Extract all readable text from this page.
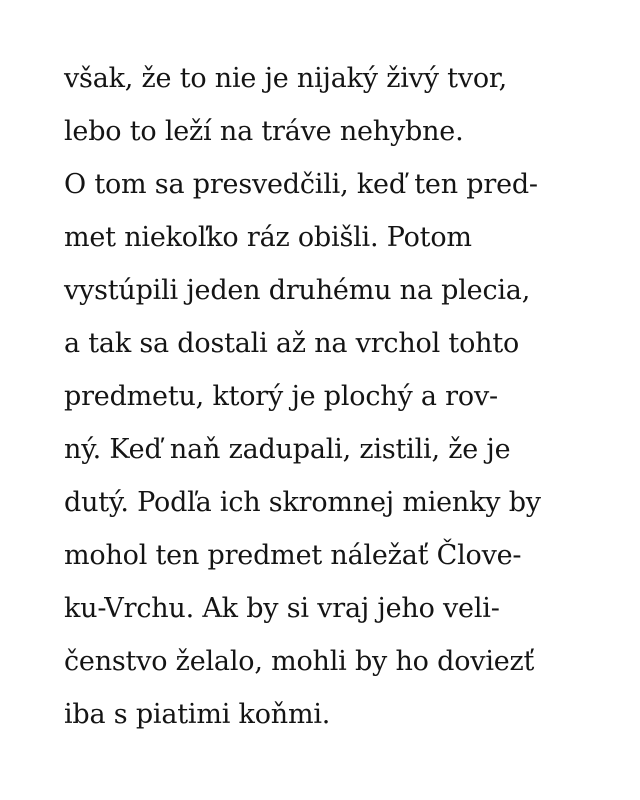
však, že to nie je nijaký živý tvor,
lebo to leží na tráve nehybne.
O tom sa presvedčili, keď ten pred-
met niekoľko ráz obišli. Potom
vystúpili jeden druhému na plecia,
a tak sa dostali až na vrchol tohto
predmetu, ktorý je plochý a rov-
ný. Keď naň zadupali, zistili, že je
dutý. Podľa ich skromnej mienky by
mohol ten predmet náležať Člove-
ku-Vrchu. Ak by si vraj jeho veli-
čenstvo želalo, mohli by ho doviezť
iba s piatimi koňmi.
